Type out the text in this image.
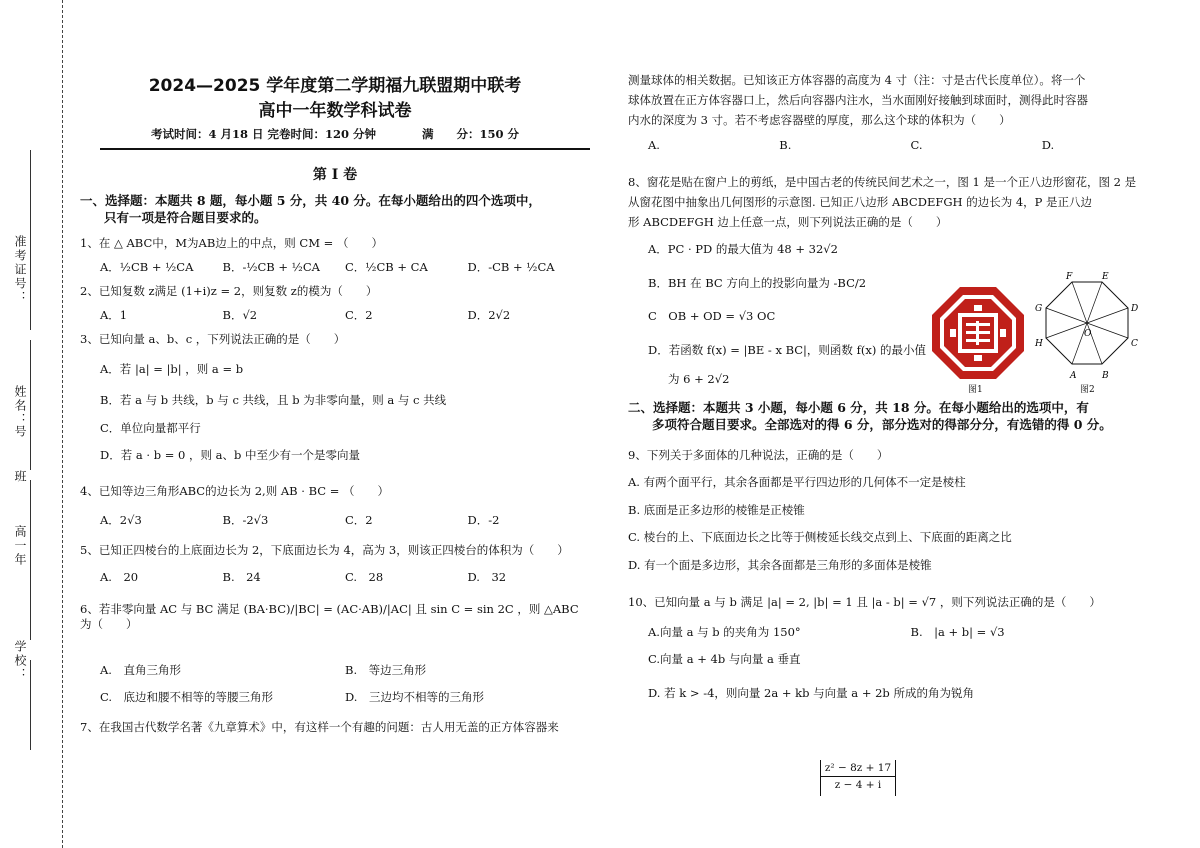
准考证号：
姓名：
号
班
高一年
学校：

2024—2025 学年度第二学期福九联盟期中联考

高中一年数学科试卷

考试时间：4 月18 日 完卷时间：120 分钟　　　　满　　分：150 分

第 Ⅰ 卷

一、选择题：本题共 8 题，每小题 5 分，共 40 分。在每小题给出的四个选项中，

只有一项是符合题目要求的。

1、在 △ ABC中，M为AB边上的中点，则 CM = （　　）
A．½CB + ½CA	B．-½CB + ½CA	C．½CB + CA	D．-CB + ½CA
2、已知复数 z满足 (1+i)z = 2，则复数 z的模为（　　）
A．1	B．√2	C．2	D．2√2
3、已知向量 a、b、c ，下列说法正确的是（　　）
A．若 |a| = |b| ，则 a = b
B．若 a 与 b 共线，b 与 c 共线，且 b 为非零向量，则 a 与 c 共线
C．单位向量都平行
D．若 a · b = 0 ，则 a、b 中至少有一个是零向量
4、已知等边三角形ABC的边长为 2,则 AB · BC = （　　）
A．2√3	B．-2√3	C．2	D．-2
5、已知正四棱台的上底面边长为 2，下底面边长为 4，高为 3，则该正四棱台的体积为（　　）
A.　20	B.　24	C.　28	D.　32
6、若非零向量 AC 与 BC 满足 (BA·BC)/|BC| = (AC·AB)/|AC| 且 sin C = sin 2C ，则 △ABC 为（　　）
A.　直角三角形	B.　等边三角形
C.　底边和腰不相等的等腰三角形	D.　三边均不相等的三角形
7、在我国古代数学名著《九章算术》中，有这样一个有趣的问题：古人用无盖的正方体容器来

测量球体的相关数据。已知该正方体容器的高度为 4 寸（注：寸是古代长度单位）。将一个

球体放置在正方体容器口上，然后向容器内注水，当水面刚好接触到球面时，测得此时容器

内水的深度为 3 寸。若不考虑容器壁的厚度，那么这个球的体积为（　　）

A.	B.	C.	D.

8、窗花是贴在窗户上的剪纸，是中国古老的传统民间艺术之一，图 1 是一个正八边形窗花，图 2 是

从窗花图中抽象出几何图形的示意图. 已知正八边形 ABCDEFGH 的边长为 4，P 是正八边

形 ABCDEFGH 边上任意一点，则下列说法正确的是（　　）

A．PC · PD 的最大值为 48 + 32√2
B．BH 在 BC 方向上的投影向量为 -BC/2
C　OB + OD = √3 OC
D．若函数 f(x) = |BE - x BC|，则函数 f(x) 的最小值
为 6 + 2√2

二、选择题：本题共 3 小题，每小题 6 分，共 18 分。在每小题给出的选项中，有

多项符合题目要求。全部选对的得 6 分，部分选对的得部分分，有选错的得 0 分。

9、下列关于多面体的几种说法，正确的是（　　）
A. 有两个面平行，其余各面都是平行四边形的几何体不一定是棱柱
B. 底面是正多边形的棱锥是正棱锥
C. 棱台的上、下底面边长之比等于侧棱延长线交点到上、下底面的距离之比
D. 有一个面是多边形，其余各面都是三角形的多面体是棱锥
10、已知向量 a 与 b 满足 |a| = 2, |b| = 1 且 |a - b| = √7 ，则下列说法正确的是（　　）
A.向量 a 与 b 的夹角为 150°	B.　|a + b| = √3
C.向量 a + 4b 与向量 a 垂直
D. 若 k > -4，则向量 2a + kb 与向量 a + 2b 所成的角为锐角
图1
A	B
C
D
E
F
G
H
O
图2
$\frac{\text{z² − 8z + 17}}{z - 4 + i}$
